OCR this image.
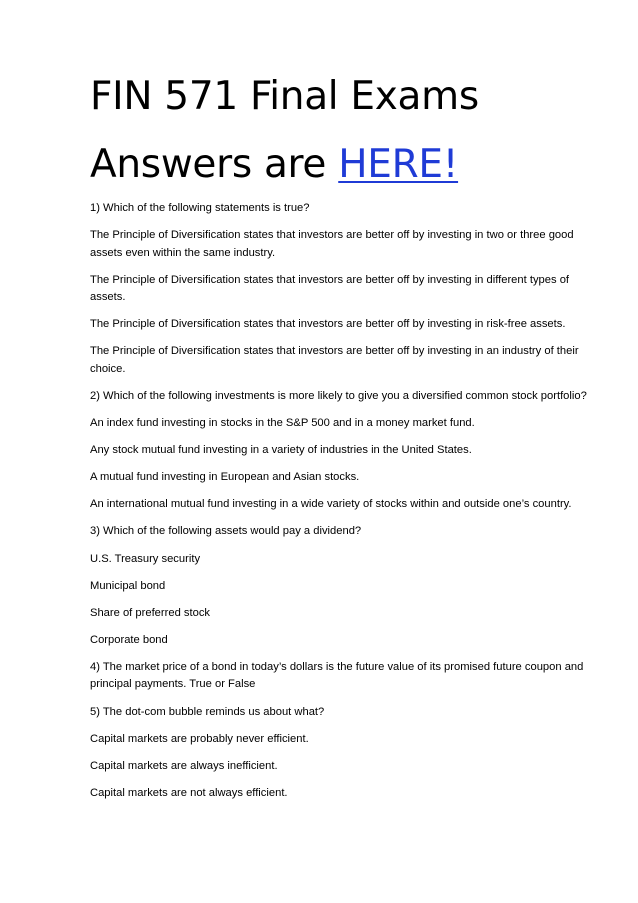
FIN 571 Final Exams
Answers are HERE!

1) Which of the following statements is true?

The Principle of Diversification states that investors are better off by investing in two or three good assets even within the same industry.

The Principle of Diversification states that investors are better off by investing in different types of assets.

The Principle of Diversification states that investors are better off by investing in risk-free assets.

The Principle of Diversification states that investors are better off by investing in an industry of their choice.

2) Which of the following investments is more likely to give you a diversified common stock portfolio?

An index fund investing in stocks in the S&P 500 and in a money market fund.

Any stock mutual fund investing in a variety of industries in the United States.

A mutual fund investing in European and Asian stocks.

An international mutual fund investing in a wide variety of stocks within and outside one’s country.

3) Which of the following assets would pay a dividend?

U.S. Treasury security

Municipal bond

Share of preferred stock

Corporate bond

4) The market price of a bond in today’s dollars is the future value of its promised future coupon and principal payments. True or False

5) The dot-com bubble reminds us about what?

Capital markets are probably never efficient.

Capital markets are always inefficient.

Capital markets are not always efficient.
